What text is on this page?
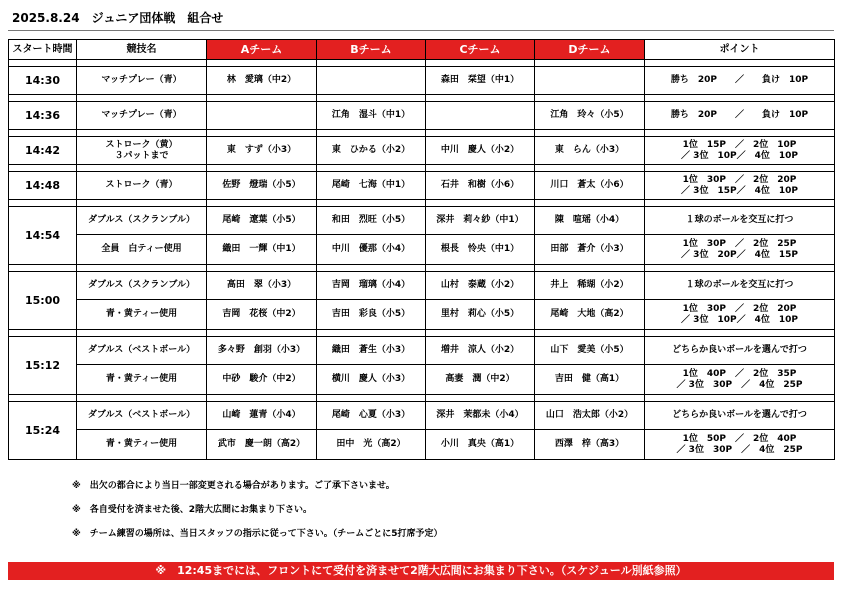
2025.8.24　ジュニア団体戦　組合せ
スタート時間	競技名	Aチーム	Bチーム	Cチーム	Dチーム	ポイント

14:30	マッチプレー（青）	林　愛璃（中2）		森田　栞望（中1）		勝ち　20P　　／　　負け　10P

14:36	マッチプレー（青）		江角　湿斗（中1）		江角　玲々（小5）	勝ち　20P　　／　　負け　10P

14:42	ストローク（黄）
３パットまで	東　すず（小3）	東　ひかる（小2）	中川　慶人（小2）	東　らん（小3）	1位　15P　／　2位　10P
／ 3位　10P／　4位　10P

14:48	ストローク（青）	佐野　燈瑞（小5）	尾崎　七海（中1）	石井　和樹（小6）	川口　蒼太（小6）	1位　30P　／　2位　20P
／ 3位　15P／　4位　10P

14:54	ダブルス（スクランブル）	尾崎　遼葉（小5）	和田　烈旺（小5）	深井　莉々紗（中1）	陳　喧瑶（小4）	１球のボールを交互に打つ
	全員　白ティー使用	織田　一輝（中1）	中川　優那（小4）	根長　怜央（中1）	田部　蒼介（小3）	1位　30P　／　2位　25P
／ 3位　20P／　4位　15P

15:00	ダブルス（スクランブル）	高田　翠（小3）	吉岡　瑠璃（小4）	山村　泰蔵（小2）	井上　稀瑚（小2）	１球のボールを交互に打つ
	青・黄ティー使用	吉岡　花桜（中2）	吉田　彩良（小5）	里村　莉心（小5）	尾崎　大地（高2）	1位　30P　／　2位　20P
／ 3位　10P／　4位　10P

15:12	ダブルス（ベストボール）	多々野　創羽（小3）	織田　蒼生（小3）	増井　涼人（小2）	山下　愛美（小5）	どちらか良いボールを選んで打つ
	青・黄ティー使用	中砂　駿介（中2）	横川　慶人（小3）	高妻　潤（中2）	吉田　健（高1）	1位　40P　／　2位　35P
／ 3位　30P　／　4位　25P

15:24	ダブルス（ベストボール）	山崎　蓮青（小4）	尾崎　心夏（小3）	深井　茉都未（小4）	山口　浩太郎（小2）	どちらか良いボールを選んで打つ
	青・黄ティー使用	武市　慶一朗（高2）	田中　光（高2）	小川　真央（高1）	西澤　梓（高3）	1位　50P　／　2位　40P
／ 3位　30P　／　4位　25P
※　出欠の都合により当日一部変更される場合があります。ご了承下さいませ。
※　各自受付を済ませた後、2階大広間にお集まり下さい。
※　チーム練習の場所は、当日スタッフの指示に従って下さい。（チームごとに5打席予定）
※　12:45までには、フロントにて受付を済ませて2階大広間にお集まり下さい。（スケジュール別紙参照）
